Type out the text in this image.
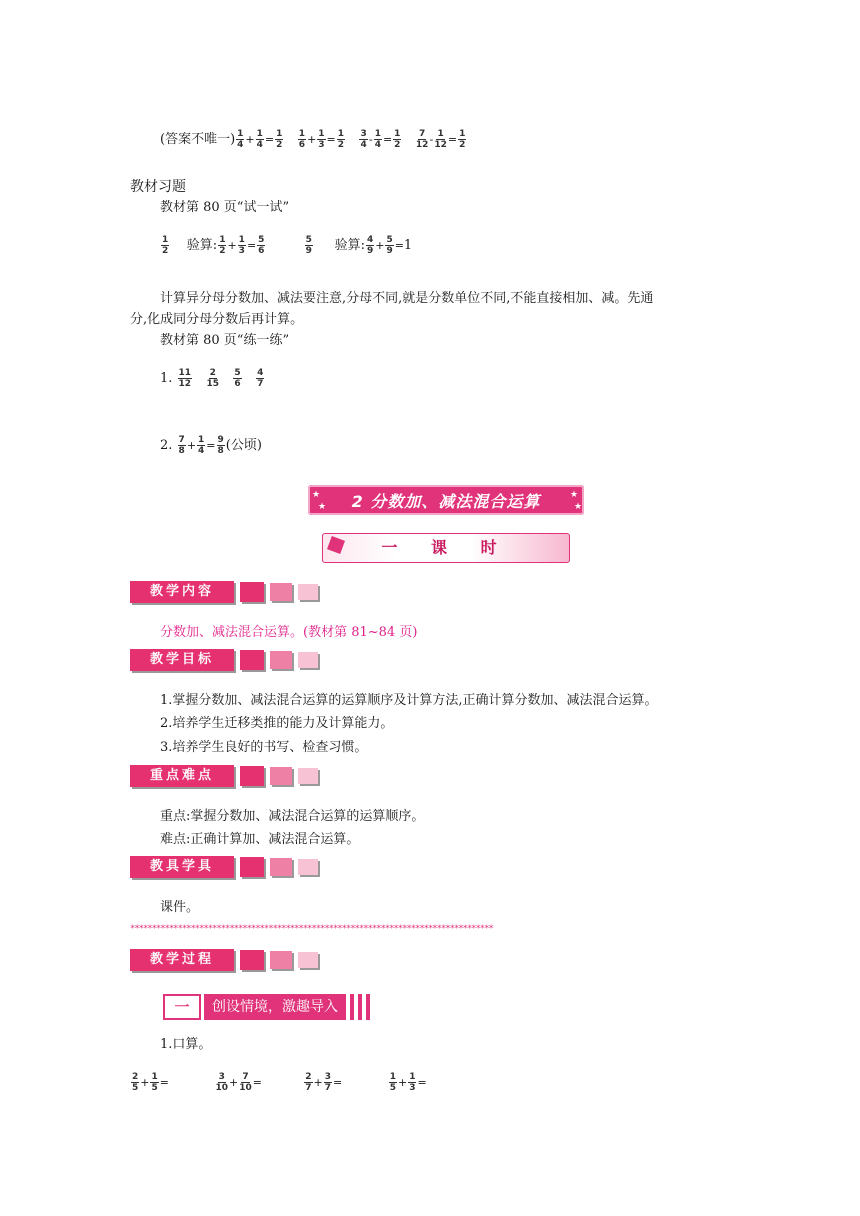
(答案不唯一) $\frac{1}{4} + \frac{1}{4} = \frac{1}{2}$
$\frac{1}{6} + \frac{1}{3} = \frac{1}{2}$
$\frac{3}{4} - \frac{1}{4} = \frac{1}{2}$
$\frac{7}{12} - \frac{1}{12} = \frac{1}{2}$
教材习题
教材第 80 页“试一试”
$\frac{1}{2}$ 验算: $\frac{1}{2} + \frac{1}{3} = \frac{5}{6}$
	$\frac{5}{9}$ 验算: $\frac{4}{9} + \frac{5}{9} =1$
计算异分母分数加、减法要注意,分母不同,就是分数单位不同,不能直接相加、减。先通
分,化成同分母分数后再计算。
教材第 80 页“练一练”
1. $\frac{11}{12}$
$\frac{2}{15}$
$\frac{5}{6}$
$\frac{4}{7}$
2. $\frac{7}{8} + \frac{1}{4} = \frac{9}{8}$ (公顷)
2 分数加、减法混合运算
★
★
★
★
一 课 时
教学内容
分数加、减法混合运算。(教材第 81~84 页)
教学目标
1.掌握分数加、减法混合运算的运算顺序及计算方法,正确计算分数加、减法混合运算。
2.培养学生迁移类推的能力及计算能力。
3.培养学生良好的书写、检查习惯。
重点难点
重点:掌握分数加、减法混合运算的运算顺序。
难点:正确计算加、减法混合运算。
教具学具
课件。
************************************************************************************
教学过程
一	创设情境，激趣导入
1.口算。
$\frac{2}{5} + \frac{1}{5}$ =	$\frac{3}{10} + \frac{7}{10}$ =	$\frac{2}{7} + \frac{3}{7}$ =	$\frac{1}{5} + \frac{1}{3}$ =
